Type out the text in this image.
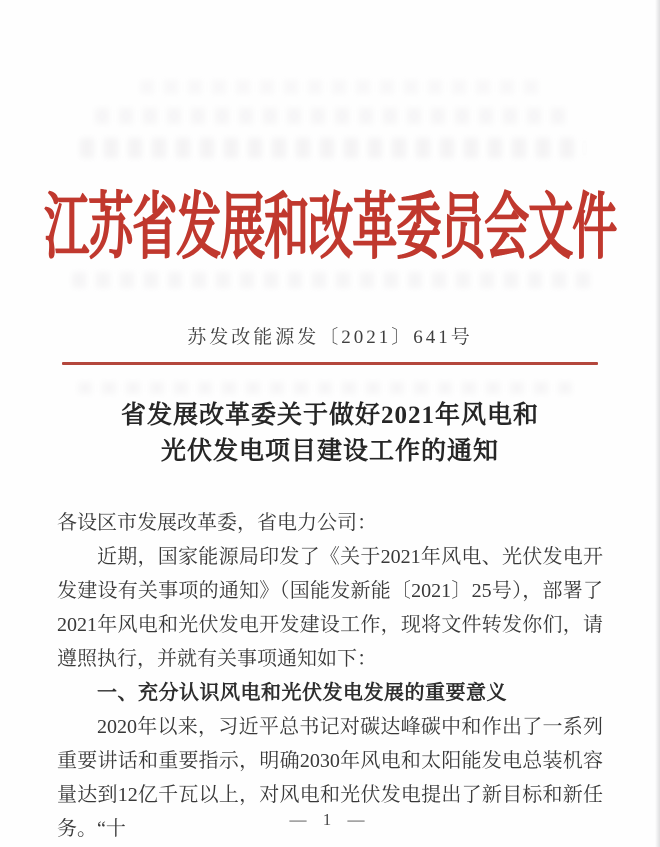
江苏省发展和改革委员会文件
苏发改能源发〔2021〕641号
省发展改革委关于做好2021年风电和
光伏发电项目建设工作的通知

各设区市发展改革委，省电力公司：

近期，国家能源局印发了《关于2021年风电、光伏发电开发建设有关事项的通知》（国能发新能〔2021〕25号），部署了2021年风电和光伏发电开发建设工作，现将文件转发你们，请遵照执行，并就有关事项通知如下：

一、充分认识风电和光伏发电发展的重要意义

2020年以来，习近平总书记对碳达峰碳中和作出了一系列重要讲话和重要指示，明确2030年风电和太阳能发电总装机容量达到12亿千瓦以上，对风电和光伏发电提出了新目标和新任务。“十	— 1 —
